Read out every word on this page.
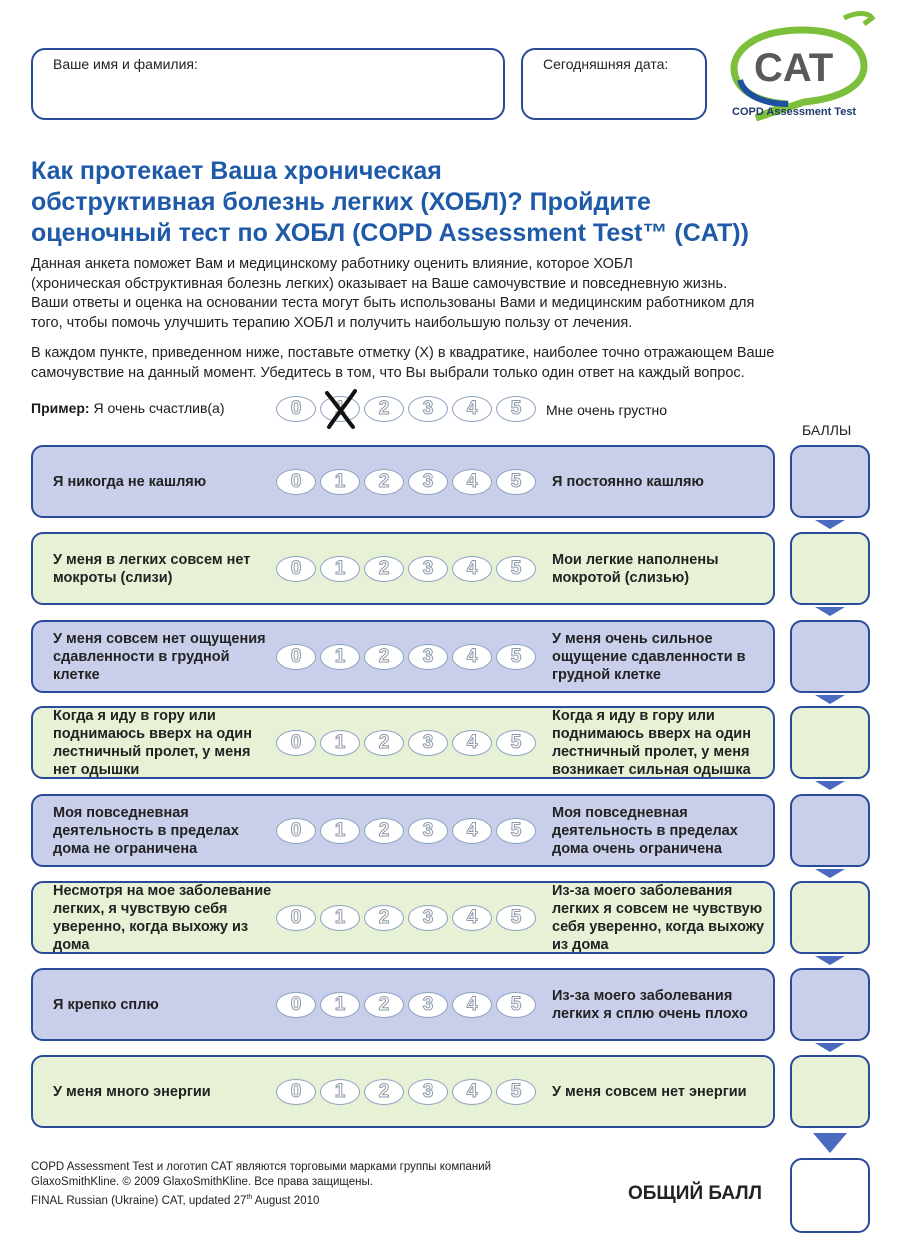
Ваше имя и фамилия:	Сегодняшняя дата: CAT
COPD Assessment Test
Как протекает Ваша хроническая
обструктивная болезнь легких (ХОБЛ)? Пройдите
оценочный тест по ХОБЛ (COPD Assessment Test™ (CAT))
Данная анкета поможет Вам и медицинскому работнику оценить влияние, которое ХОБЛ
(хроническая обструктивная болезнь легких) оказывает на Ваше самочувствие и повседневную жизнь.
Ваши ответы и оценка на основании теста могут быть использованы Вами и медицинским работником для
того, чтобы помочь улучшить терапию ХОБЛ и получить наибольшую пользу от лечения.
В каждом пункте, приведенном ниже, поставьте отметку (X) в квадратике, наиболее точно отражающем Ваше
самочувствие на данный момент. Убедитесь в том, что Вы выбрали только один ответ на каждый вопрос.
Пример: Я очень счастлив(а)	0 1 2 3 4 5 Мне очень грустно
БАЛЛЫ
Я никогда не кашляю	0 1 2 3 4 5 Я постоянно кашляю
У меня в легких совсем нет мокроты (слизи)	0 1 2 3 4 5 Мои легкие наполнены мокротой (слизью)
У меня совсем нет ощущения сдавленности в грудной клетке
0 1 2 3 4 5
У меня очень сильное ощущение сдавленности в грудной клетке
Когда я иду в гору или поднимаюсь вверх на один лестничный пролет, у меня нет одышки
0 1 2 3 4 5
Когда я иду в гору или поднимаюсь вверх на один лестничный пролет, у меня возникает сильная одышка
Моя повседневная деятельность в пределах дома не ограничена
0 1 2 3 4 5
Моя повседневная деятельность в пределах дома очень ограничена
Несмотря на мое заболевание легких, я чувствую себя уверенно, когда выхожу из дома
0 1 2 3 4 5
Из-за моего заболевания легких я совсем не чувствую себя уверенно, когда выхожу из дома
Я крепко сплю	0 1 2 3 4 5 Из-за моего заболевания легких я сплю очень плохо
У меня много энергии	0 1 2 3 4 5 У меня совсем нет энергии
ОБЩИЙ БАЛЛ
COPD Assessment Test и логотип CAT являются торговыми марками группы компаний
GlaxoSmithKline. © 2009 GlaxoSmithKline. Все права защищены.
FINAL Russian (Ukraine) CAT, updated 27th August 2010
